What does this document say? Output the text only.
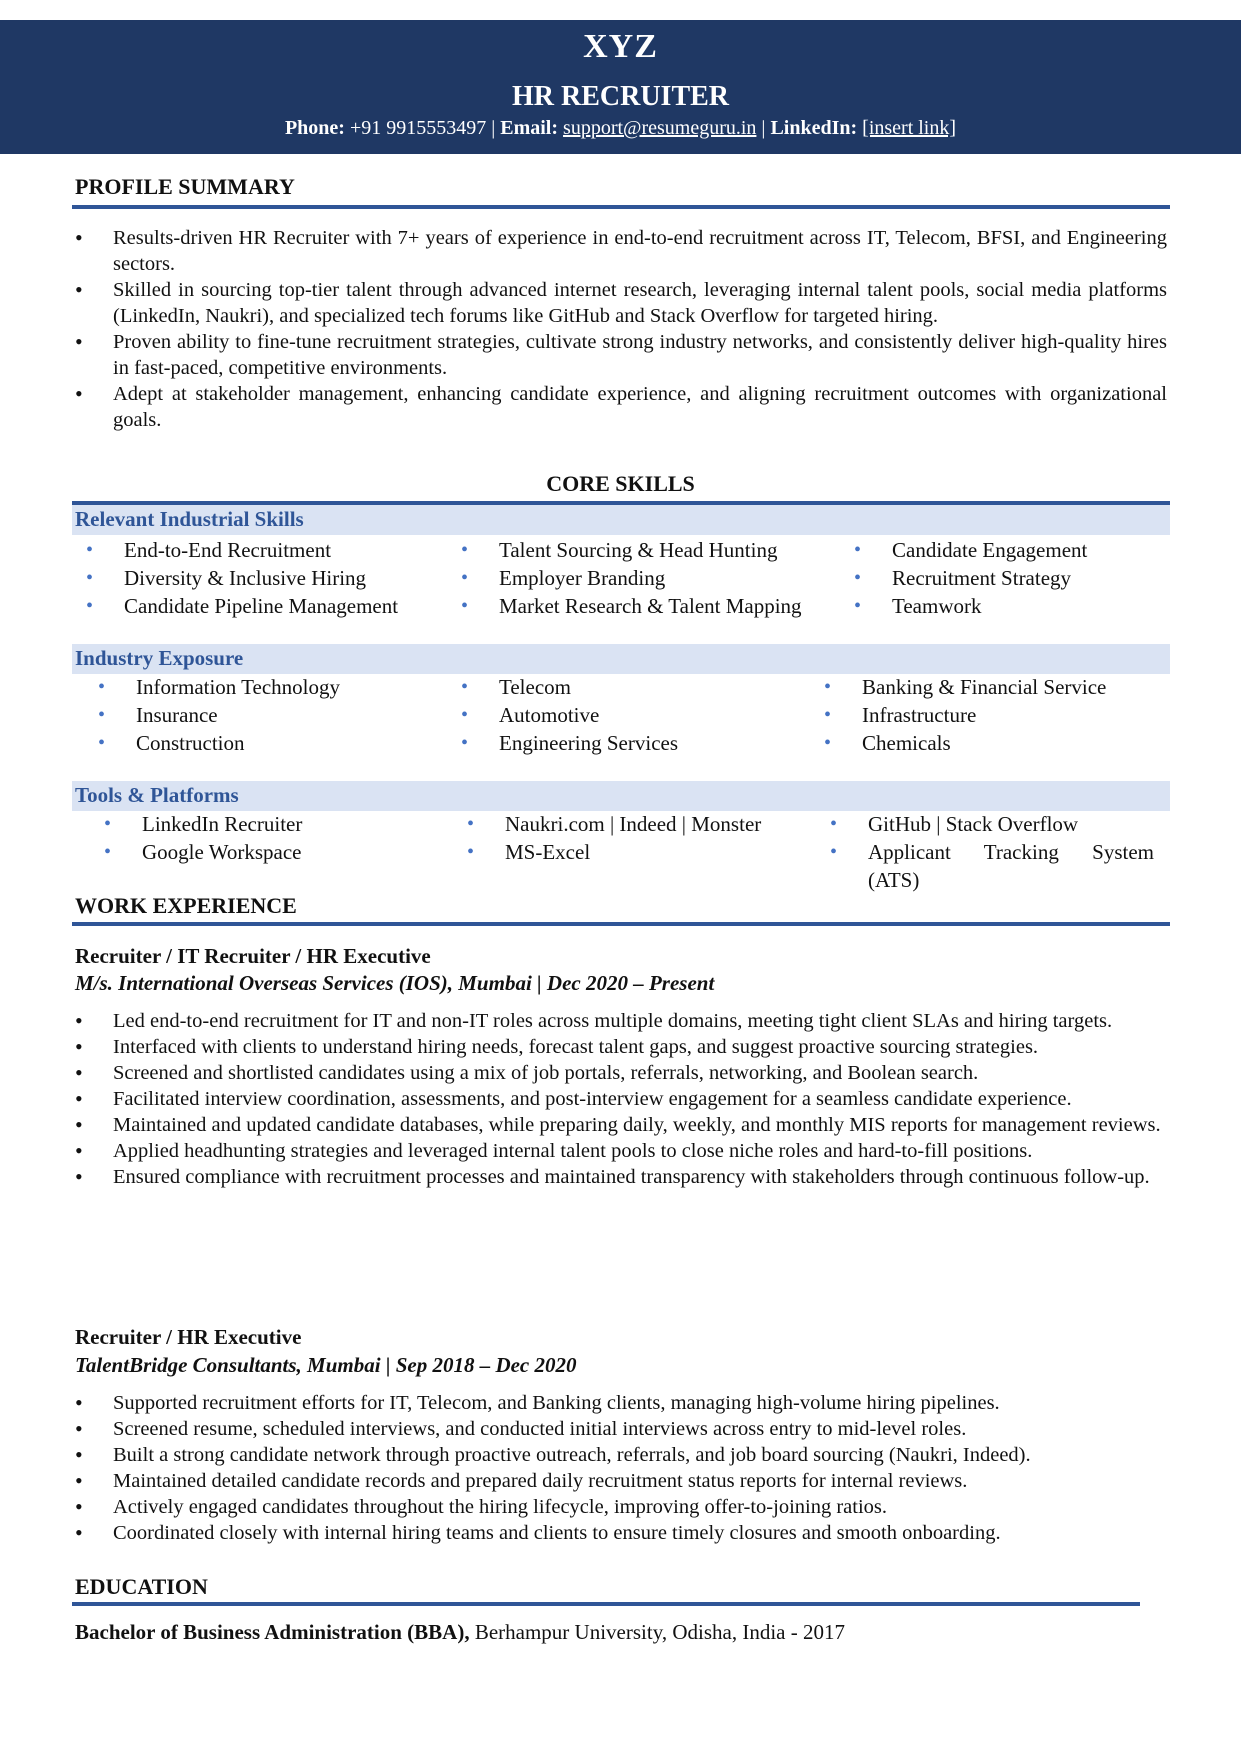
XYZ
HR RECRUITER
Phone: +91 9915553497 | Email: support@resumeguru.in | LinkedIn: [insert link]
PROFILE SUMMARY
• Results-driven HR Recruiter with 7+ years of experience in end-to-end recruitment across IT, Telecom, BFSI, and Engineering sectors.
• Skilled in sourcing top-tier talent through advanced internet research, leveraging internal talent pools, social media platforms (LinkedIn, Naukri), and specialized tech forums like GitHub and Stack Overflow for targeted hiring.
• Proven ability to fine-tune recruitment strategies, cultivate strong industry networks, and consistently deliver high-quality hires in fast-paced, competitive environments.
• Adept at stakeholder management, enhancing candidate experience, and aligning recruitment outcomes with organizational goals.
CORE SKILLS
Relevant Industrial Skills
• End-to-End Recruitment
• Diversity & Inclusive Hiring
• Candidate Pipeline Management
• Talent Sourcing & Head Hunting
• Employer Branding
• Market Research & Talent Mapping
• Candidate Engagement
• Recruitment Strategy
• Teamwork
Industry Exposure
• Information Technology
• Insurance
• Construction
• Telecom
• Automotive
• Engineering Services
• Banking & Financial Service
• Infrastructure
• Chemicals
Tools & Platforms
• LinkedIn Recruiter
• Google Workspace
• Naukri.com | Indeed | Monster
• MS-Excel
• GitHub | Stack Overflow
• Applicant Tracking System (ATS)
WORK EXPERIENCE
Recruiter / IT Recruiter / HR Executive
M/s. International Overseas Services (IOS), Mumbai | Dec 2020 – Present
• Led end-to-end recruitment for IT and non-IT roles across multiple domains, meeting tight client SLAs and hiring targets.
• Interfaced with clients to understand hiring needs, forecast talent gaps, and suggest proactive sourcing strategies.
• Screened and shortlisted candidates using a mix of job portals, referrals, networking, and Boolean search.
• Facilitated interview coordination, assessments, and post-interview engagement for a seamless candidate experience.
• Maintained and updated candidate databases, while preparing daily, weekly, and monthly MIS reports for management reviews.
• Applied headhunting strategies and leveraged internal talent pools to close niche roles and hard-to-fill positions.
• Ensured compliance with recruitment processes and maintained transparency with stakeholders through continuous follow-up.
Recruiter / HR Executive
TalentBridge Consultants, Mumbai | Sep 2018 – Dec 2020
• Supported recruitment efforts for IT, Telecom, and Banking clients, managing high-volume hiring pipelines.
• Screened resume, scheduled interviews, and conducted initial interviews across entry to mid-level roles.
• Built a strong candidate network through proactive outreach, referrals, and job board sourcing (Naukri, Indeed).
• Maintained detailed candidate records and prepared daily recruitment status reports for internal reviews.
• Actively engaged candidates throughout the hiring lifecycle, improving offer-to-joining ratios.
• Coordinated closely with internal hiring teams and clients to ensure timely closures and smooth onboarding.
EDUCATION
Bachelor of Business Administration (BBA), Berhampur University, Odisha, India - 2017
